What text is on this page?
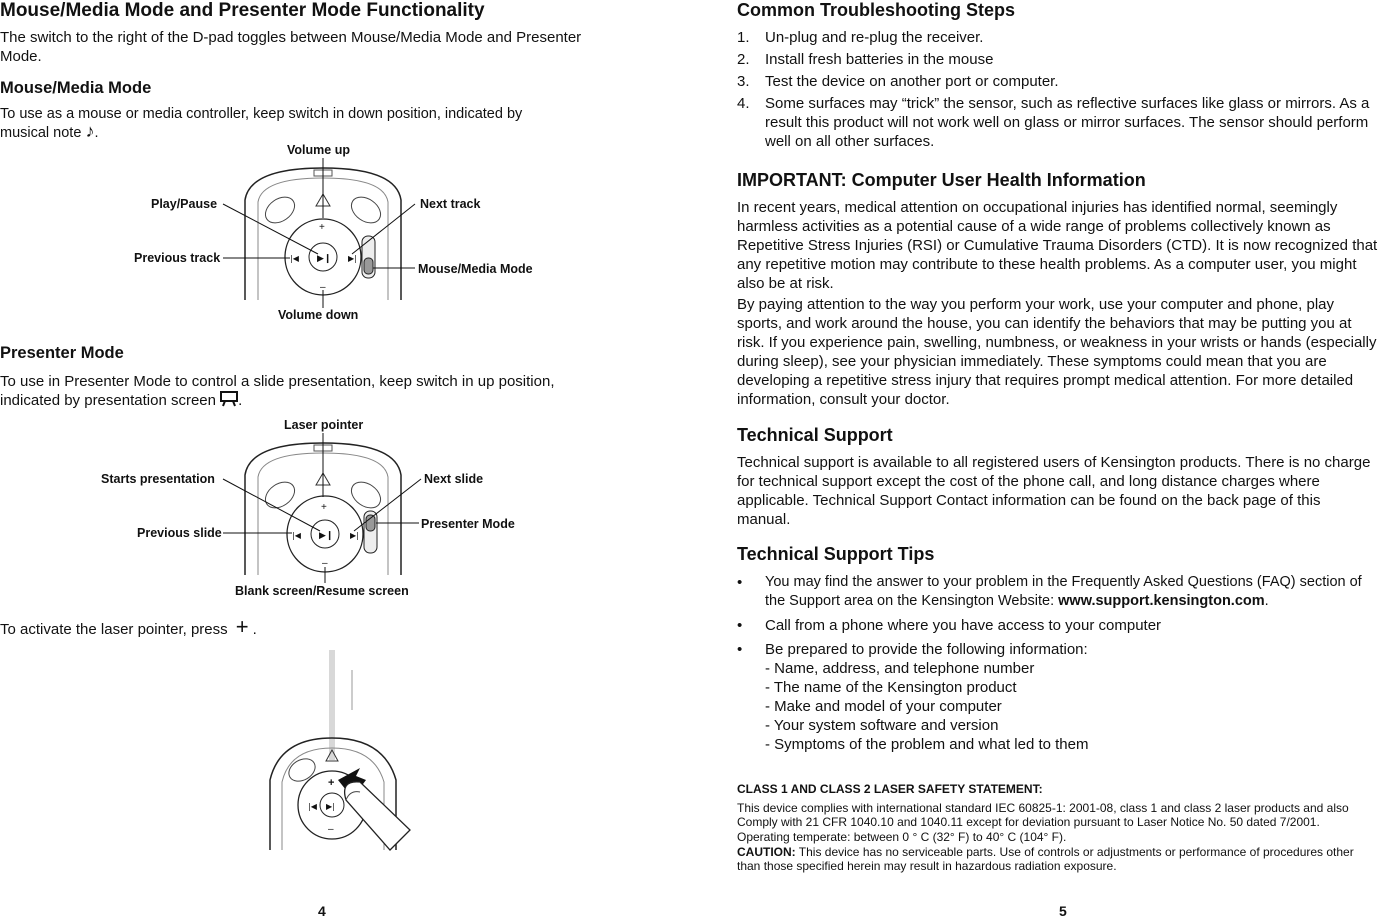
Mouse/Media Mode and Presenter Mode Functionality

The switch to the right of the D-pad toggles between Mouse/Media Mode and Presenter Mode.

Mouse/Media Mode

To use as a mouse or media controller, keep switch in down position, indicated by musical note ♪.

▶❙
|◀	▶|
+
–
Volume up
Play/Pause	Next track
Previous track
Mouse/Media Mode
Volume down
Presenter Mode

To use in Presenter Mode to control a slide presentation, keep switch in up position, indicated by presentation screen .

▶❙
|◀	▶|
+
–
Laser pointer
Starts presentation	Next slide
Previous slide
Presenter Mode
Blank screen/Resume screen

To activate the laser pointer, press + .

+
|◀ ▶|
–
4
Common Troubleshooting Steps
1. Un-plug and re-plug the receiver.
2. Install fresh batteries in the mouse
3. Test the device on another port or computer.
4. Some surfaces may “trick” the sensor, such as reflective surfaces like glass or mirrors. As a result this product will not work well on glass or mirror surfaces. The sensor should perform well on all other surfaces.
IMPORTANT: Computer User Health Information

In recent years, medical attention on occupational injuries has identified normal, seemingly harmless activities as a potential cause of a wide range of problems collectively known as Repetitive Stress Injuries (RSI) or Cumulative Trauma Disorders (CTD). It is now recognized that any repetitive motion may contribute to these health problems. As a computer user, you might also be at risk.

By paying attention to the way you perform your work, use your computer and phone, play sports, and work around the house, you can identify the behaviors that may be putting you at risk. If you experience pain, swelling, numbness, or weakness in your wrists or hands (especially during sleep), see your physician immediately. These symptoms could mean that you are developing a repetitive stress injury that requires prompt medical attention. For more detailed information, consult your doctor.

Technical Support

Technical support is available to all registered users of Kensington products. There is no charge for technical support except the cost of the phone call, and long distance charges where applicable. Technical Support Contact information can be found on the back page of this manual.

Technical Support Tips
• You may find the answer to your problem in the Frequently Asked Questions (FAQ) section of the Support area on the Kensington Website: www.support.kensington.com.
• Call from a phone where you have access to your computer
• Be prepared to provide the following information:
- Name, address, and telephone number
- The name of the Kensington product
- Make and model of your computer
- Your system software and version
- Symptoms of the problem and what led to them
CLASS 1 AND CLASS 2 LASER SAFETY STATEMENT:

This device complies with international standard IEC 60825-1: 2001-08, class 1 and class 2 laser products and also Comply with 21 CFR 1040.10 and 1040.11 except for deviation pursuant to Laser Notice No. 50 dated 7/2001.

Operating temperate: between 0 ° C (32° F) to 40° C (104° F).

CAUTION: This device has no serviceable parts. Use of controls or adjustments or performance of procedures other than those specified herein may result in hazardous radiation exposure.

5
